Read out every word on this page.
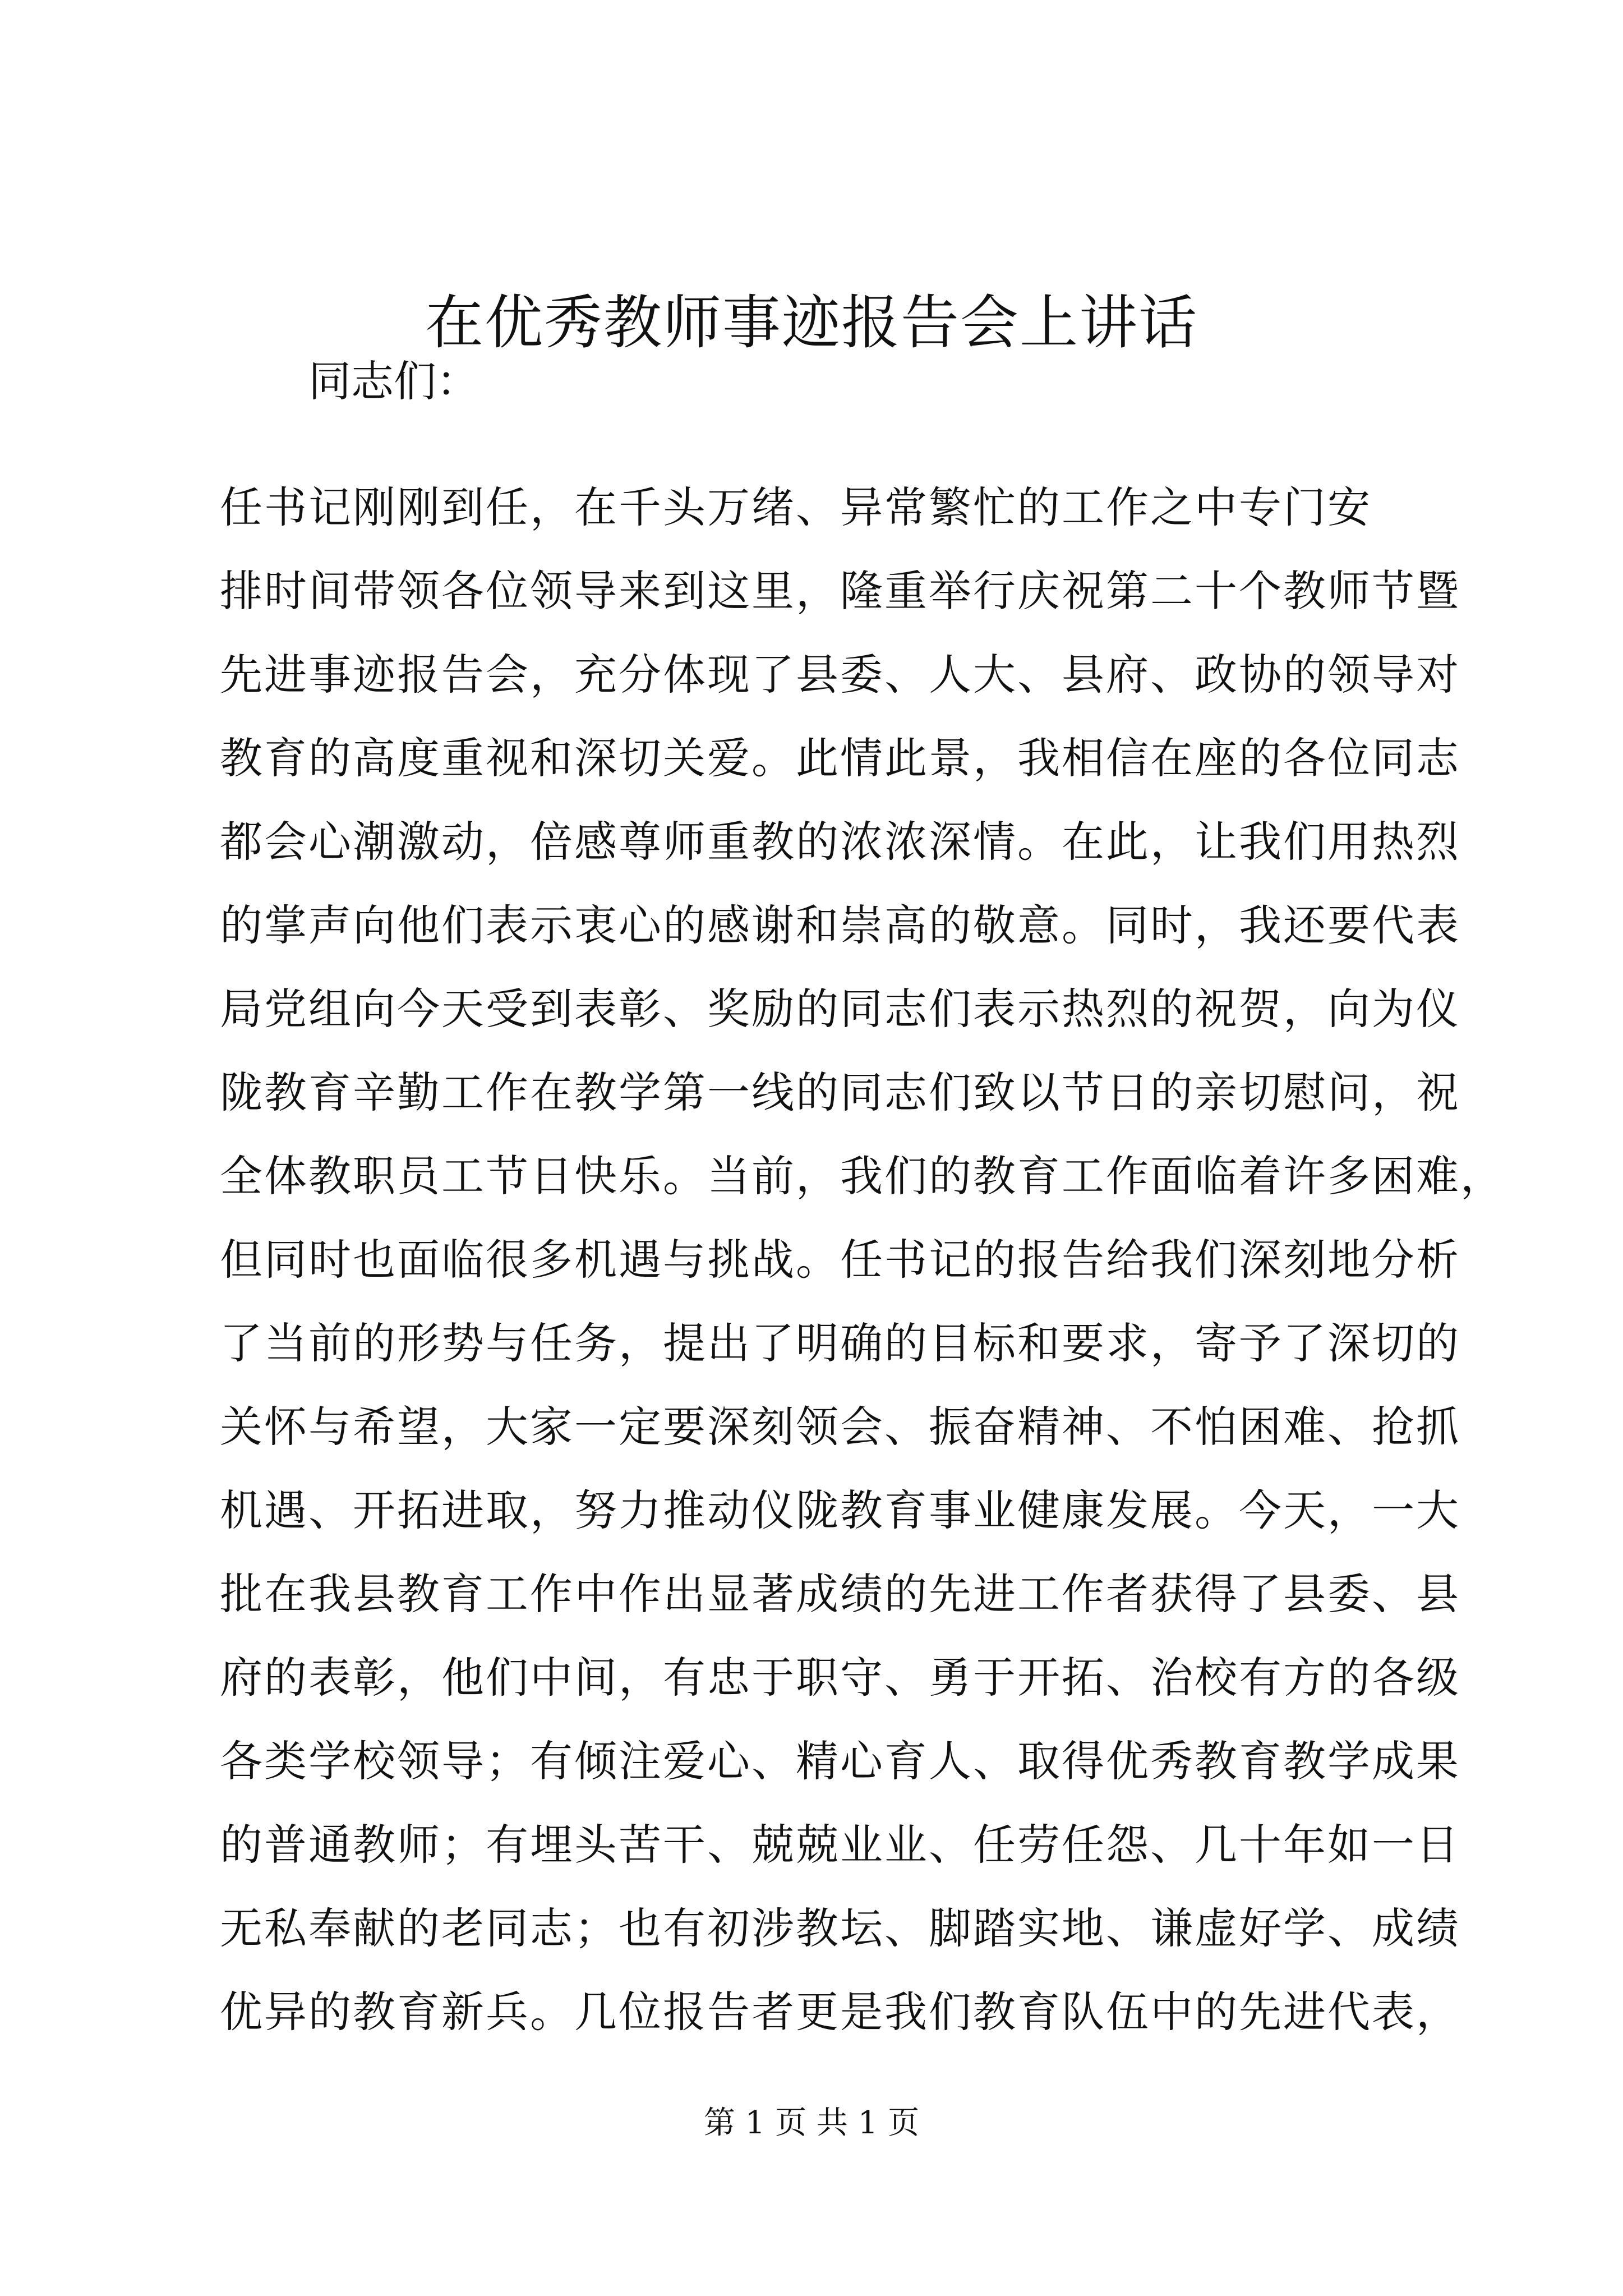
在优秀教师事迹报告会上讲话

同志们：

任书记刚刚到任，在千头万绪、异常繁忙的工作之中专门安
排时间带领各位领导来到这里，隆重举行庆祝第二十个教师节暨
先进事迹报告会，充分体现了县委、人大、县府、政协的领导对
教育的高度重视和深切关爱。此情此景，我相信在座的各位同志
都会心潮激动，倍感尊师重教的浓浓深情。在此，让我们用热烈
的掌声向他们表示衷心的感谢和崇高的敬意。同时，我还要代表
局党组向今天受到表彰、奖励的同志们表示热烈的祝贺，向为仪
陇教育辛勤工作在教学第一线的同志们致以节日的亲切慰问，祝
全体教职员工节日快乐。当前，我们的教育工作面临着许多困难，
但同时也面临很多机遇与挑战。任书记的报告给我们深刻地分析
了当前的形势与任务，提出了明确的目标和要求，寄予了深切的
关怀与希望，大家一定要深刻领会、振奋精神、不怕困难、抢抓
机遇、开拓进取，努力推动仪陇教育事业健康发展。今天，一大
批在我县教育工作中作出显著成绩的先进工作者获得了县委、县
府的表彰，他们中间，有忠于职守、勇于开拓、治校有方的各级
各类学校领导；有倾注爱心、精心育人、取得优秀教育教学成果
的普通教师；有埋头苦干、兢兢业业、任劳任怨、几十年如一日
无私奉献的老同志；也有初涉教坛、脚踏实地、谦虚好学、成绩
优异的教育新兵。几位报告者更是我们教育队伍中的先进代表，

第 1 页 共 1 页
